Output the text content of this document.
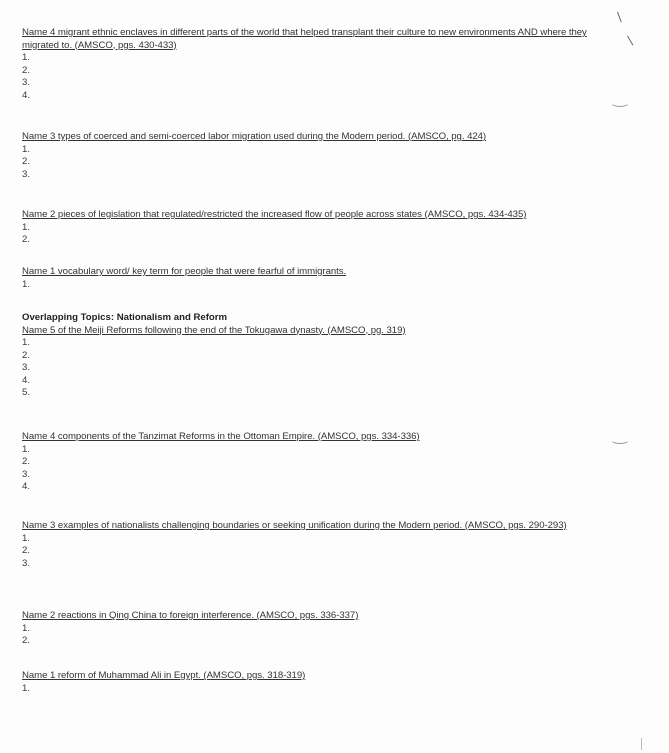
Name 4 migrant ethnic enclaves in different parts of the world that helped transplant their culture to new environments AND where they migrated to. (AMSCO, pgs. 430-433)
1.
2.
3.
4.
Name 3 types of coerced and semi-coerced labor migration used during the Modern period. (AMSCO, pg. 424)
1.
2.
3.
Name 2 pieces of legislation that regulated/restricted the increased flow of people across states (AMSCO, pgs. 434-435)
1.
2.
Name 1 vocabulary word/ key term for people that were fearful of immigrants.
1.
Overlapping Topics: Nationalism and Reform
Name 5 of the Meiji Reforms following the end of the Tokugawa dynasty. (AMSCO, pg. 319)
1.
2.
3.
4.
5.
Name 4 components of the Tanzimat Reforms in the Ottoman Empire. (AMSCO, pgs. 334-336)
1.
2.
3.
4.
Name 3 examples of nationalists challenging boundaries or seeking unification during the Modern period. (AMSCO, pgs. 290-293)
1.
2.
3.
Name 2 reactions in Qing China to foreign interference. (AMSCO, pgs. 336-337)
1.
2.
Name 1 reform of Muhammad Ali in Egypt. (AMSCO, pgs. 318-319)
1.
